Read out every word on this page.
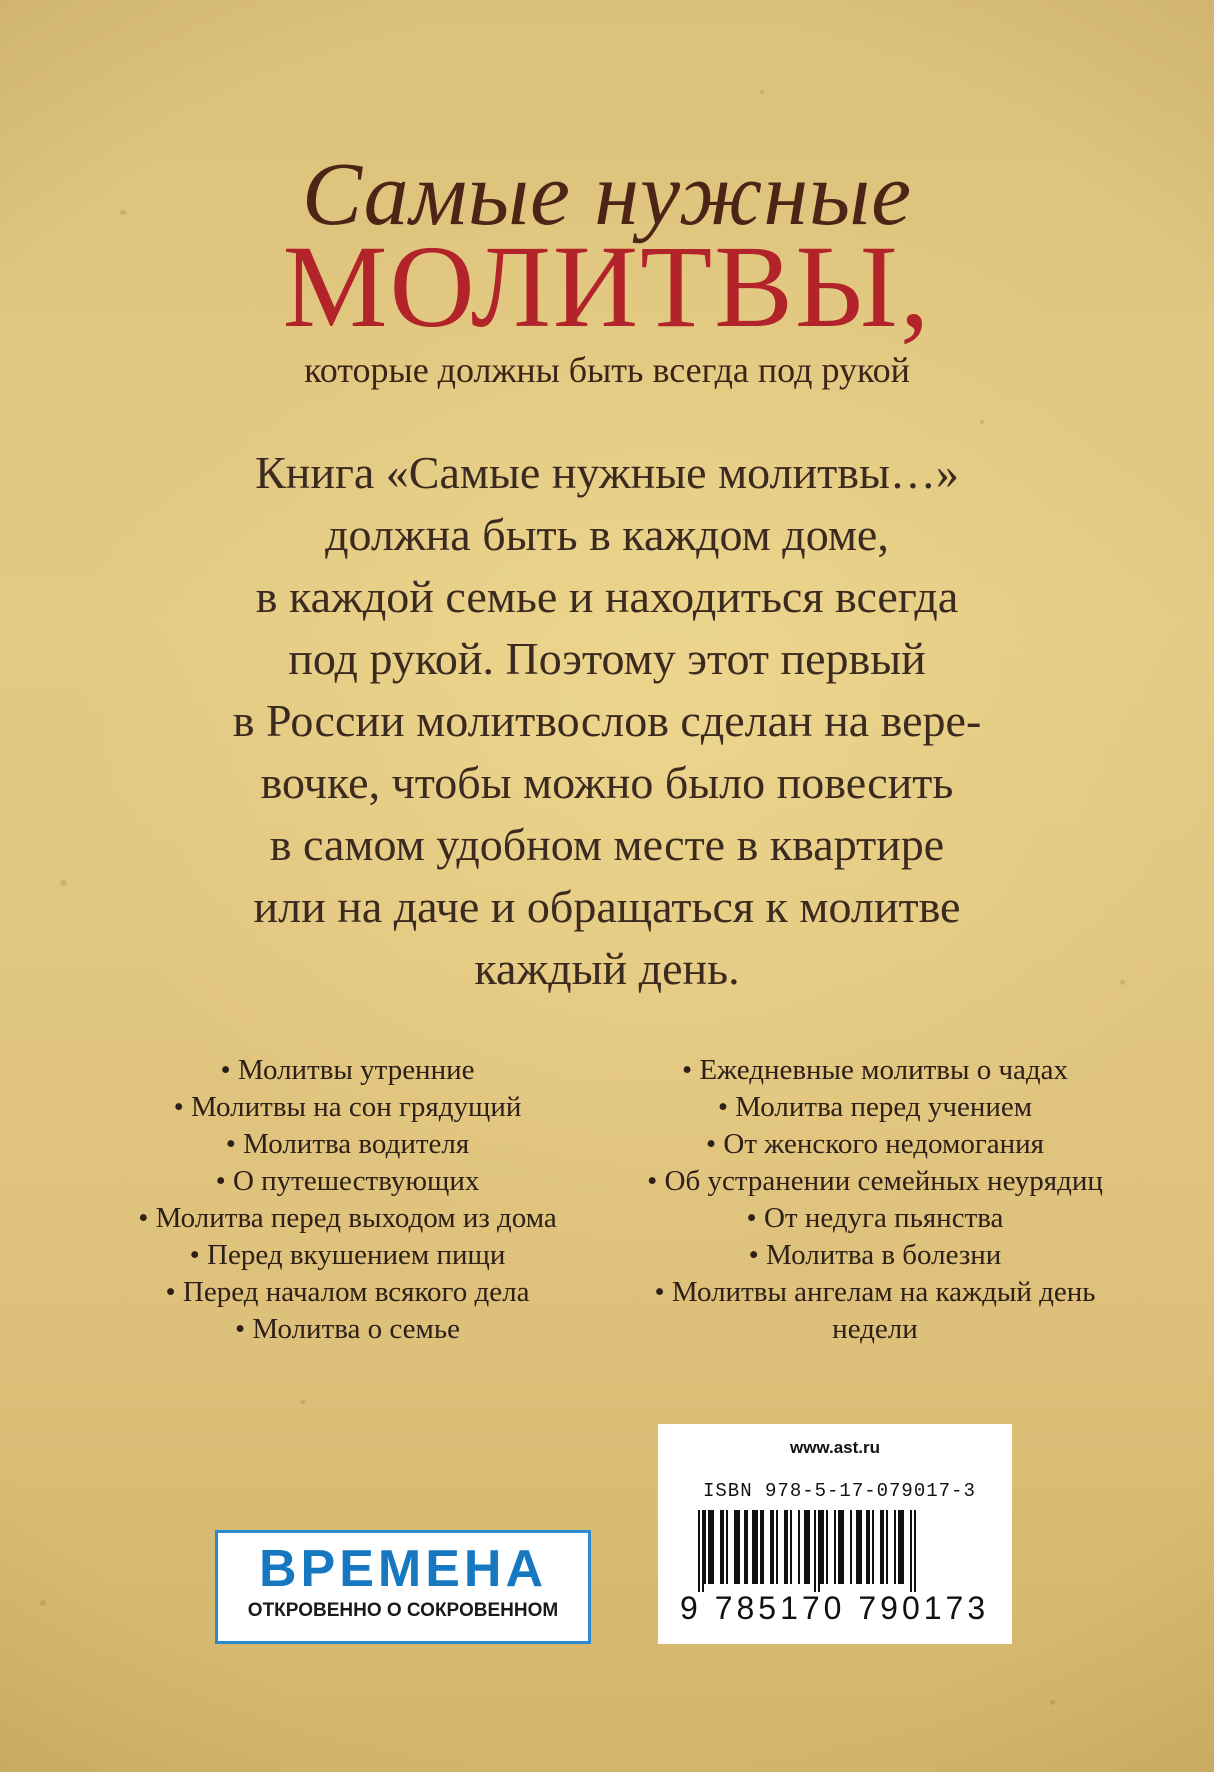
Самые нужные
МОЛИТВЫ,
которые должны быть всегда под рукой
Книга «Самые нужные молитвы…»
должна быть в каждом доме,
в каждой семье и находиться всегда
под рукой. Поэтому этот первый
в России молитвослов сделан на вере-
вочке, чтобы можно было повесить
в самом удобном месте в квартире
или на даче и обращаться к молитве
каждый день.
• Молитвы утренние
• Молитвы на сон грядущий
• Молитва водителя
• О путешествующих
• Молитва перед выходом из дома
• Перед вкушением пищи
• Перед началом всякого дела
• Молитва о семье
• Ежедневные молитвы о чадах
• Молитва перед учением
• От женского недомогания
• Об устранении семейных неурядиц
• От недуга пьянства
• Молитва в болезни
• Молитвы ангелам на каждый день недели
ВРЕМЕНА
ОТКРОВЕННО О СОКРОВЕННОМ
www.ast.ru
ISBN 978-5-17-079017-3
9 785170 790173
